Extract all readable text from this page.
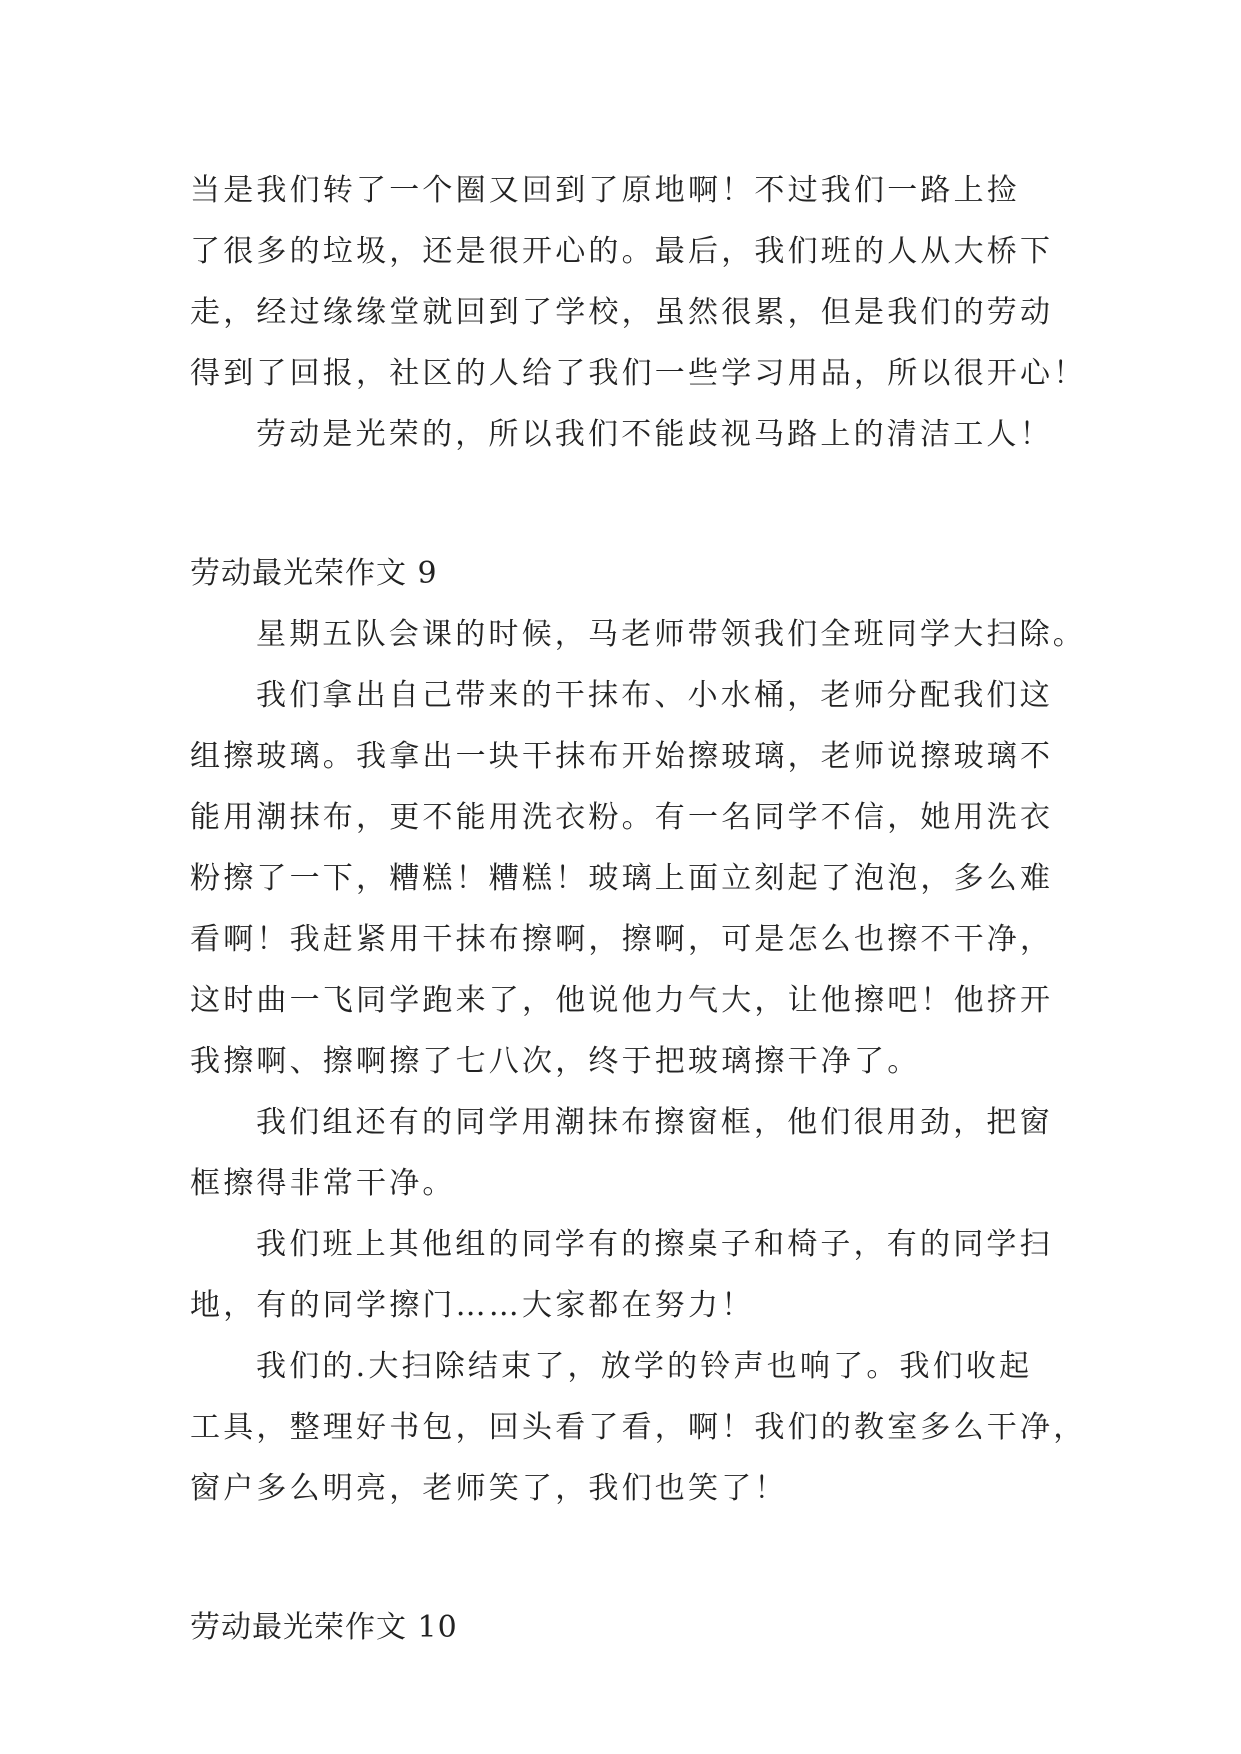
当是我们转了一个圈又回到了原地啊！不过我们一路上捡
了很多的垃圾，还是很开心的。最后，我们班的人从大桥下
走，经过缘缘堂就回到了学校，虽然很累，但是我们的劳动
得到了回报，社区的人给了我们一些学习用品，所以很开心！
劳动是光荣的，所以我们不能歧视马路上的清洁工人！
劳动最光荣作文 9
星期五队会课的时候，马老师带领我们全班同学大扫除。
我们拿出自己带来的干抹布、小水桶，老师分配我们这
组擦玻璃。我拿出一块干抹布开始擦玻璃，老师说擦玻璃不
能用潮抹布，更不能用洗衣粉。有一名同学不信，她用洗衣
粉擦了一下，糟糕！糟糕！玻璃上面立刻起了泡泡，多么难
看啊！我赶紧用干抹布擦啊，擦啊，可是怎么也擦不干净，
这时曲一飞同学跑来了，他说他力气大，让他擦吧！他挤开
我擦啊、擦啊擦了七八次，终于把玻璃擦干净了。
我们组还有的同学用潮抹布擦窗框，他们很用劲，把窗
框擦得非常干净。
我们班上其他组的同学有的擦桌子和椅子，有的同学扫
地，有的同学擦门……大家都在努力！
我们的.大扫除结束了，放学的铃声也响了。我们收起
工具，整理好书包，回头看了看，啊！我们的教室多么干净，
窗户多么明亮，老师笑了，我们也笑了！
劳动最光荣作文 10
